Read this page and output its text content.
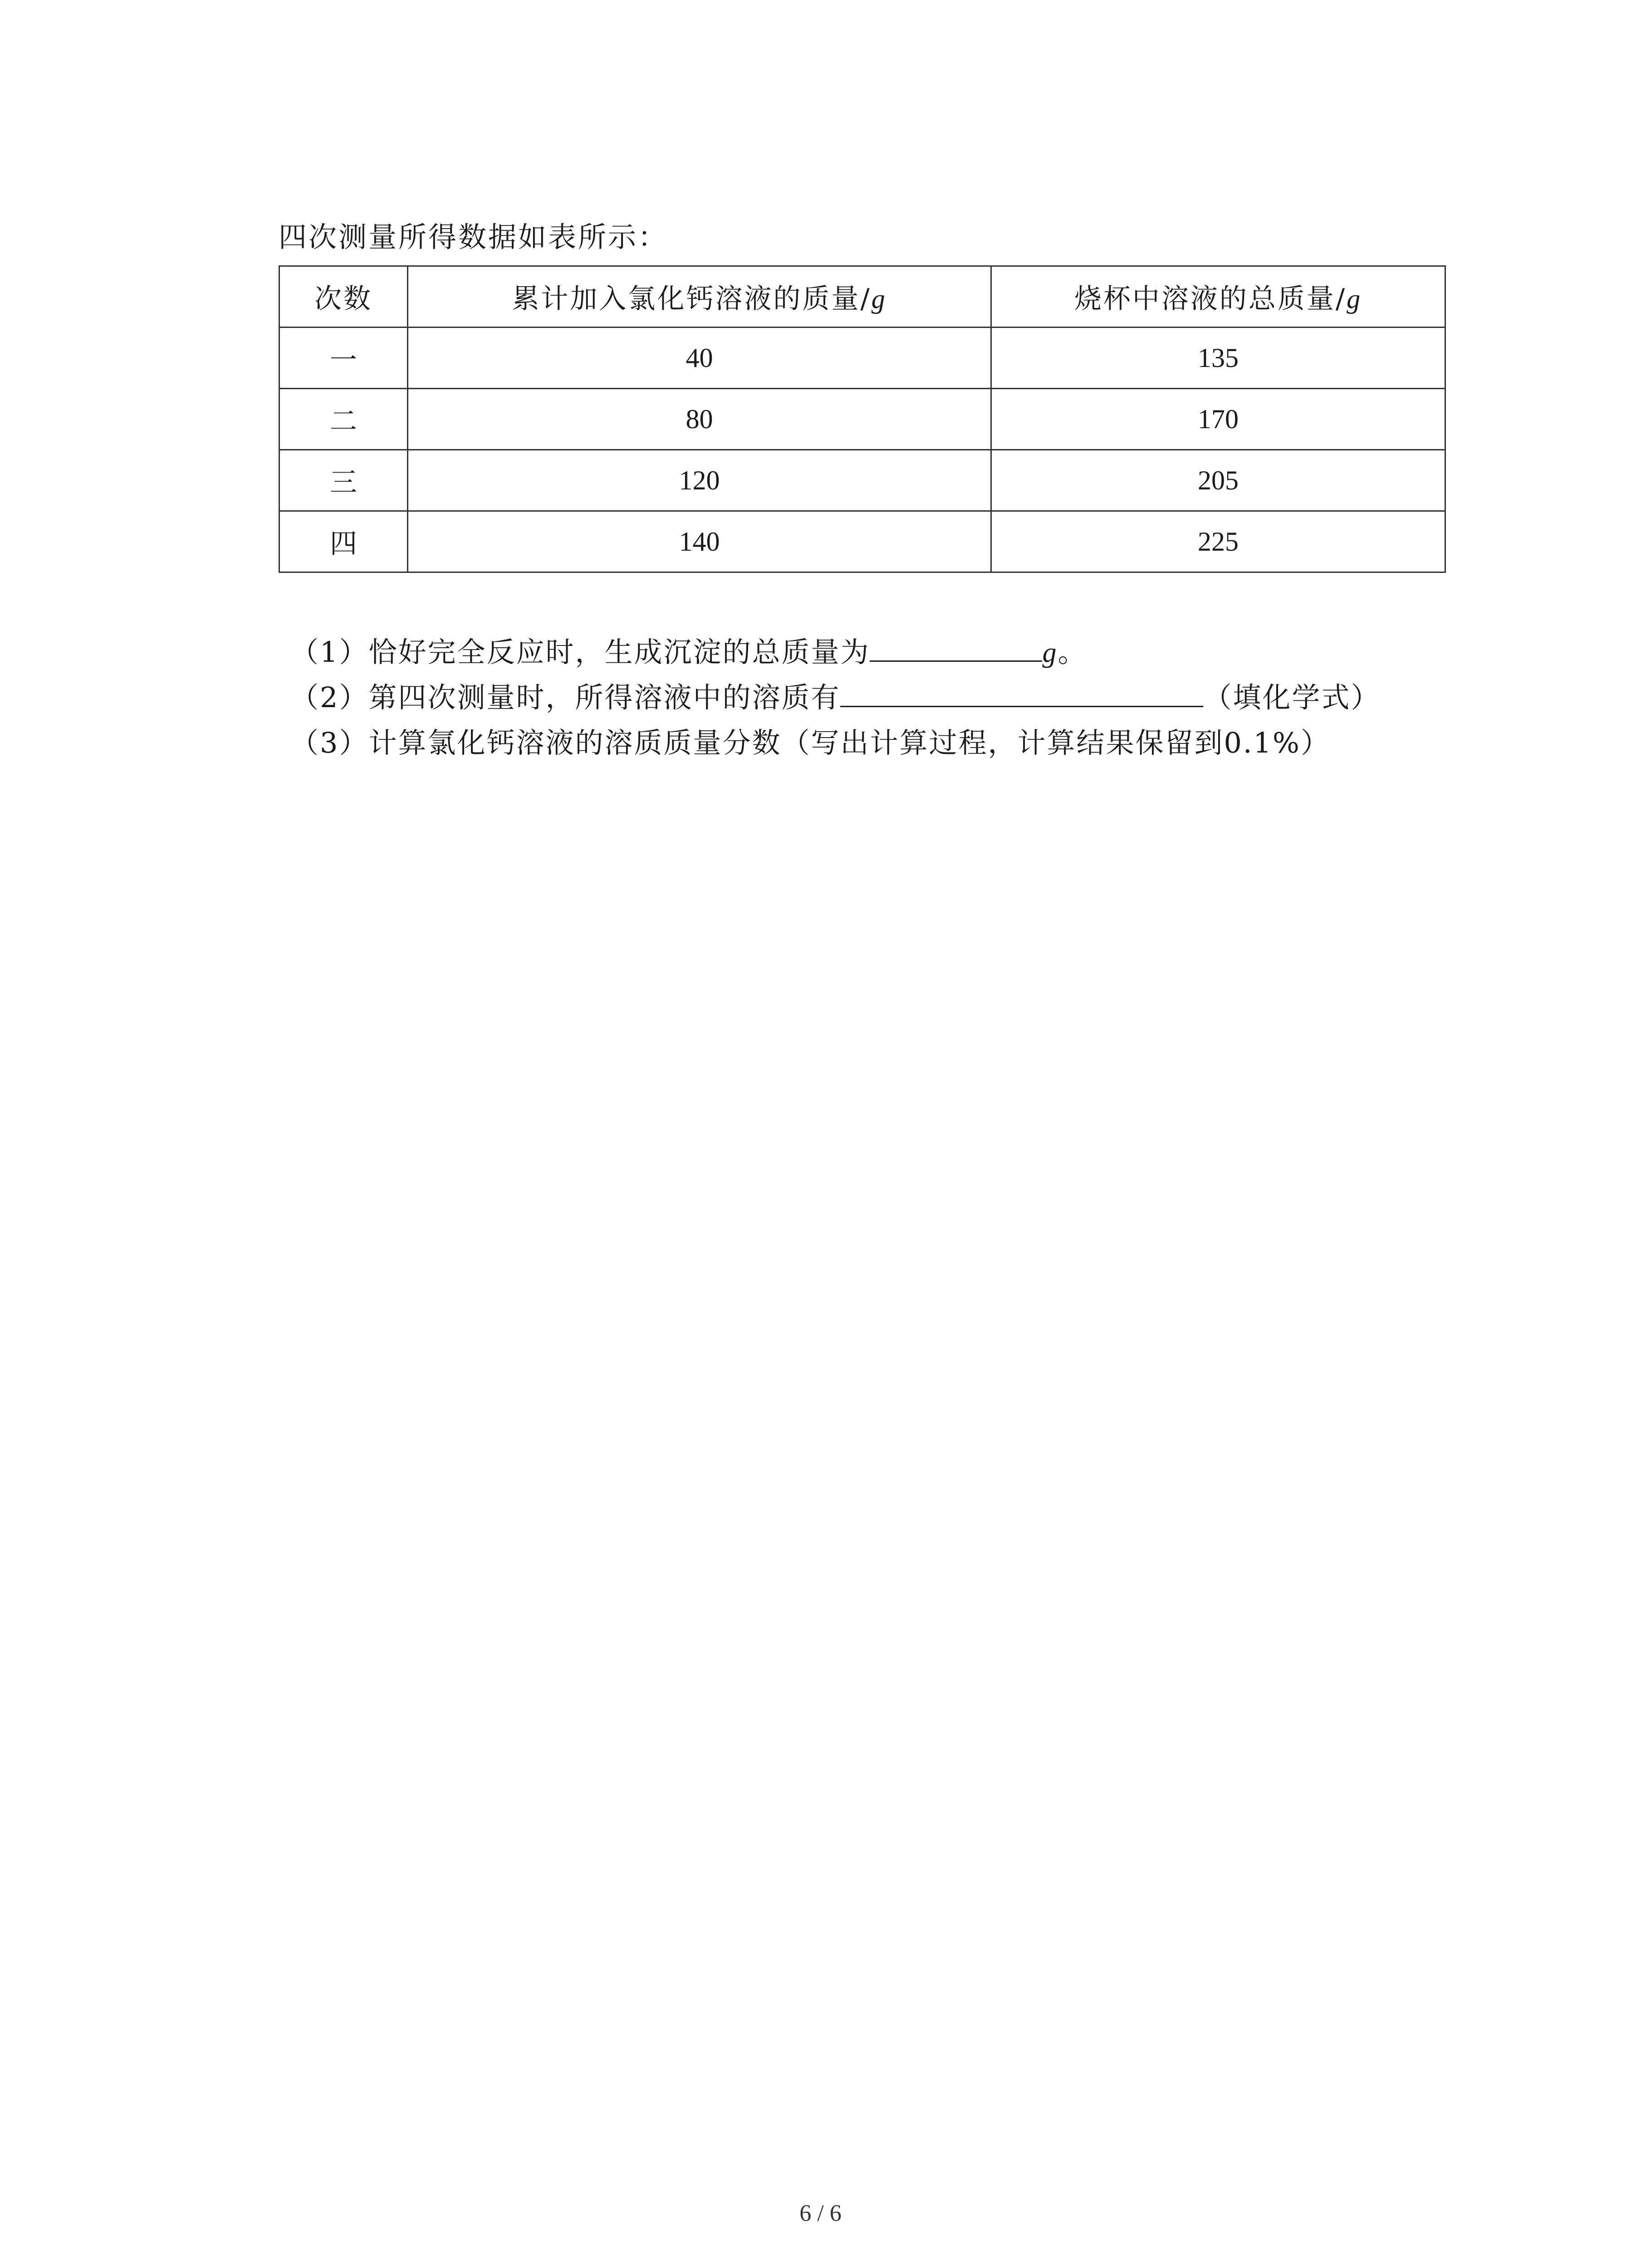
四次测量所得数据如表所示：
次数	累计加入氯化钙溶液的质量/g	烧杯中溶液的总质量/g
一	40	135
二	80	170
三	120	205
四	140	225
（1）恰好完全反应时，生成沉淀的总质量为	g。
（2）第四次测量时，所得溶液中的溶质有	（填化学式）
（3）计算氯化钙溶液的溶质质量分数（写出计算过程，计算结果保留到0.1%）
6 / 6
